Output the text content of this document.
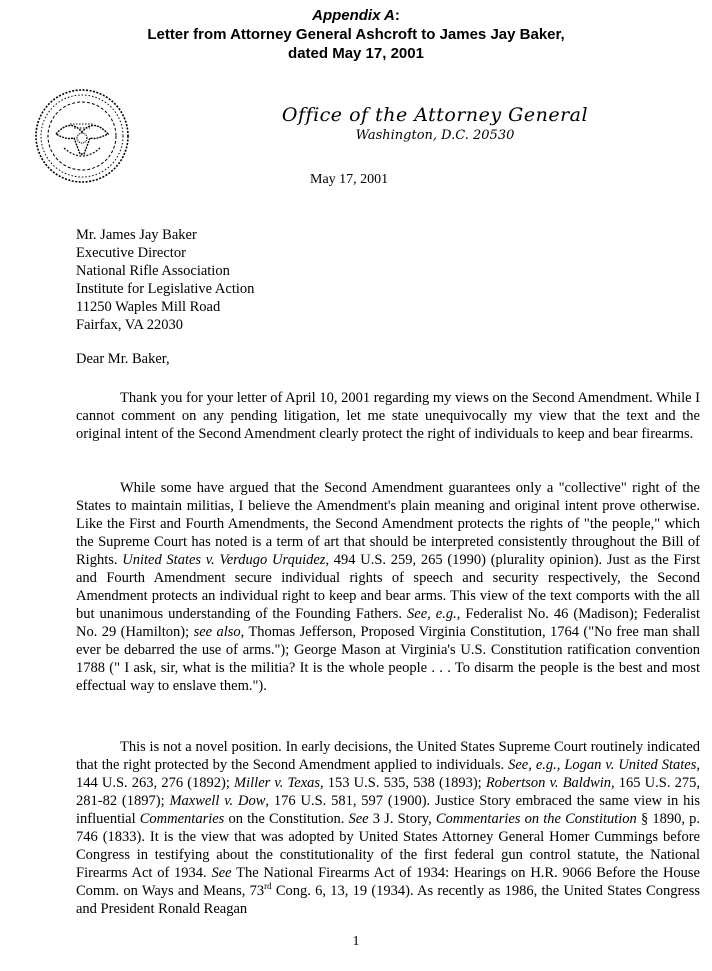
Appendix A:
Letter from Attorney General Ashcroft to James Jay Baker,
dated May 17, 2001
Office of the Attorney General
Washington, D.C. 20530
May 17, 2001
Mr. James Jay Baker
Executive Director
National Rifle Association
Institute for Legislative Action
11250 Waples Mill Road
Fairfax, VA 22030
Dear Mr. Baker,
Thank you for your letter of April 10, 2001 regarding my views on the Second Amendment. While I cannot comment on any pending litigation, let me state unequivocally my view that the text and the original intent of the Second Amendment clearly protect the right of individuals to keep and bear firearms.
While some have argued that the Second Amendment guarantees only a "collective" right of the States to maintain militias, I believe the Amendment's plain meaning and original intent prove otherwise. Like the First and Fourth Amendments, the Second Amendment protects the rights of "the people," which the Supreme Court has noted is a term of art that should be interpreted consistently throughout the Bill of Rights. United States v. Verdugo Urquidez, 494 U.S. 259, 265 (1990) (plurality opinion). Just as the First and Fourth Amendment secure individual rights of speech and security respectively, the Second Amendment protects an individual right to keep and bear arms. This view of the text comports with the all but unanimous understanding of the Founding Fathers. See, e.g., Federalist No. 46 (Madison); Federalist No. 29 (Hamilton); see also, Thomas Jefferson, Proposed Virginia Constitution, 1764 ("No free man shall ever be debarred the use of arms."); George Mason at Virginia's U.S. Constitution ratification convention 1788 (" I ask, sir, what is the militia? It is the whole people . . . To disarm the people is the best and most effectual way to enslave them.").
This is not a novel position. In early decisions, the United States Supreme Court routinely indicated that the right protected by the Second Amendment applied to individuals. See, e.g., Logan v. United States, 144 U.S. 263, 276 (1892); Miller v. Texas, 153 U.S. 535, 538 (1893); Robertson v. Baldwin, 165 U.S. 275, 281-82 (1897); Maxwell v. Dow, 176 U.S. 581, 597 (1900). Justice Story embraced the same view in his influential Commentaries on the Constitution. See 3 J. Story, Commentaries on the Constitution § 1890, p. 746 (1833). It is the view that was adopted by United States Attorney General Homer Cummings before Congress in testifying about the constitutionality of the first federal gun control statute, the National Firearms Act of 1934. See The National Firearms Act of 1934: Hearings on H.R. 9066 Before the House Comm. on Ways and Means, 73rd Cong. 6, 13, 19 (1934). As recently as 1986, the United States Congress and President Ronald Reagan
1
